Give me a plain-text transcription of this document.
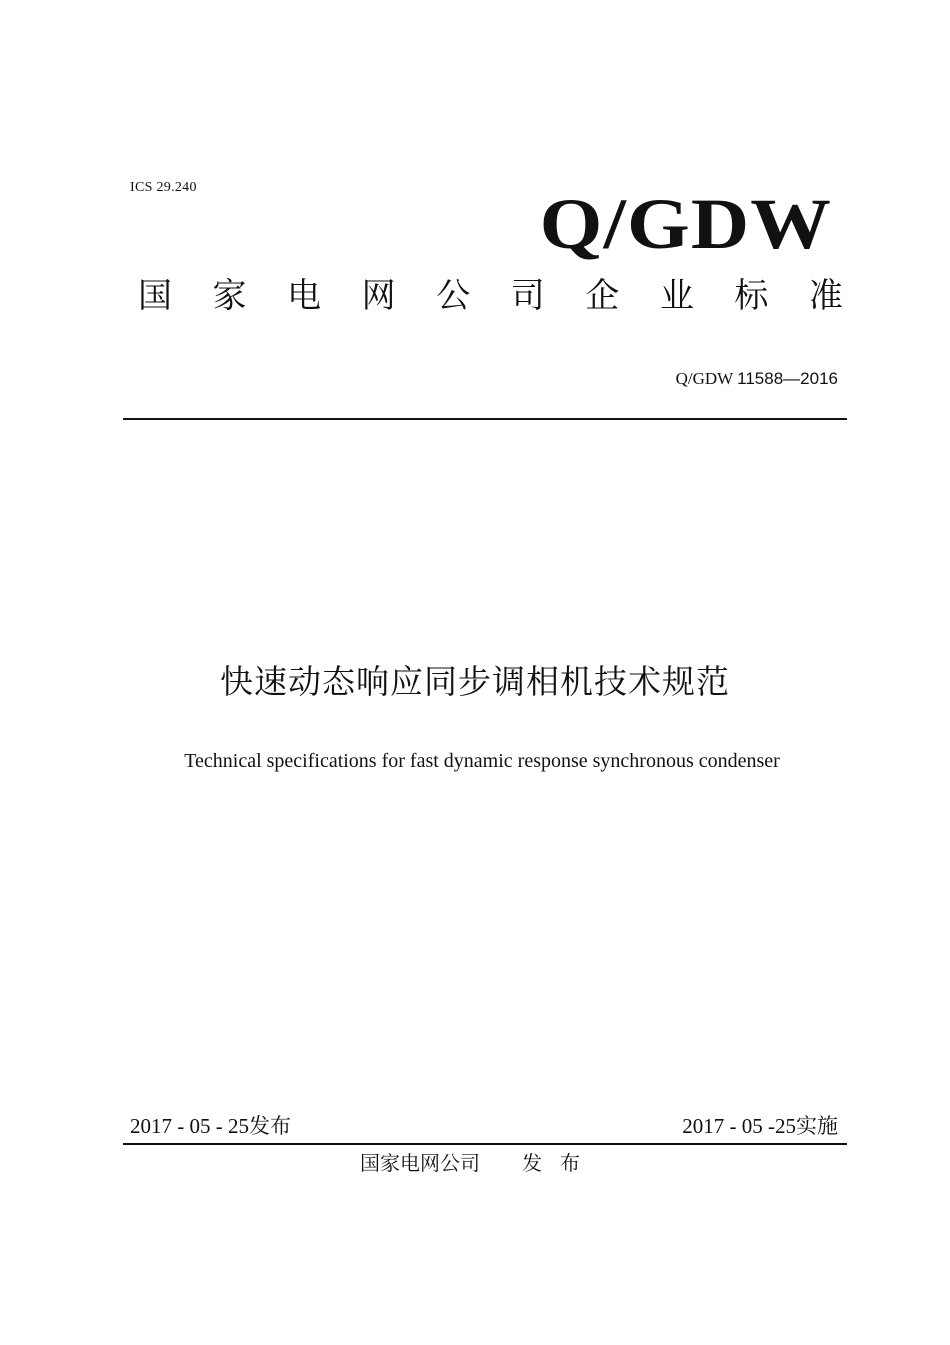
ICS 29.240	Q/GDW
国 家 电 网 公 司 企 业 标 准
Q/GDW 11588—2016
快速动态响应同步调相机技术规范
Technical specifications for fast dynamic response synchronous condenser
2017 - 05 - 25发布	2017 - 05 -25实施
国家电网公司 发布
